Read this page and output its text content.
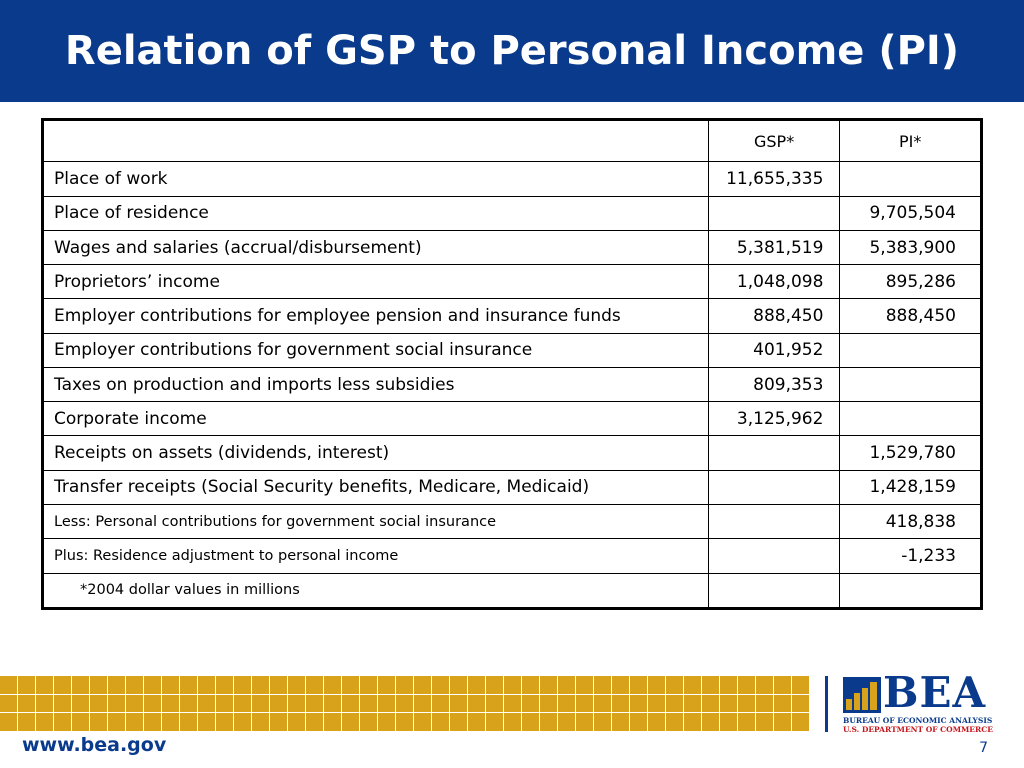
Relation of GSP to Personal Income (PI)
	GSP*	PI*
Place of work	11,655,335	
Place of residence		9,705,504
Wages and salaries (accrual/disbursement)	5,381,519	5,383,900
Proprietors’ income	1,048,098	895,286
Employer contributions for employee pension and insurance funds	888,450	888,450
Employer contributions for government social insurance	401,952	
Taxes on production and imports less subsidies	809,353	
Corporate income	3,125,962	
Receipts on assets (dividends, interest)		1,529,780
Transfer receipts (Social Security benefits, Medicare, Medicaid)		1,428,159
Less: Personal contributions for government social insurance		418,838
Plus: Residence adjustment to personal income		-1,233
*2004 dollar values in millions		
BEA
BUREAU OF ECONOMIC ANALYSIS
U.S. DEPARTMENT OF COMMERCE
www.bea.gov	7
